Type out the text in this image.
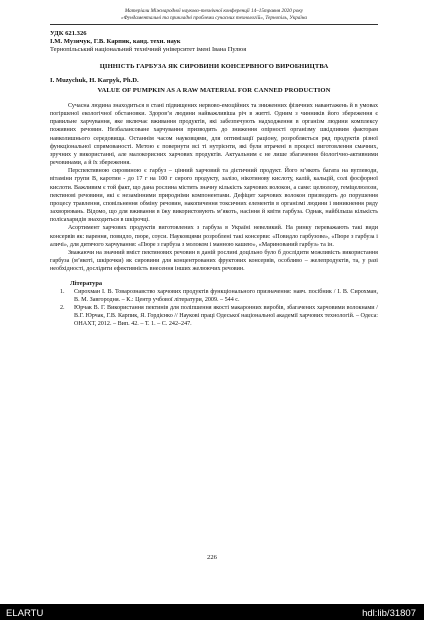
Матеріали Міжнародної науково-технічної конференції 14–15травня 2020 року
«Фундаментальні та прикладні проблеми сучасних технологій», Тернопіль, Україна
УДК 621.326
І.М. Музичук, Г.В. Карпик, канд. техн. наук
Тернопільський національний технічний університет імені Івана Пулюя
ЦІННІСТЬ ГАРБУЗА ЯК СИРОВИНИ КОНСЕРВНОГО ВИРОБНИЦТВА
I. Muzychuk, H. Karpyk, Ph.D.
VALUE OF PUMPKIN AS A RAW MATERIAL FOR CANNED PRODUCTION

Сучасна людина знаходиться в стані підвищених нервово-емоційних та зниженних фізичних навантажень й в умовах погіршеної екологічної обстановки. Здоров’я людини найважливіша річ в житті. Одним з чинників його збереження є правильне харчування, яке включає вживання продуктів, які забезпечують надходження в організм людини комплексу поживних речовин. Незбалансоване харчування призводить до зниження опірності організму шкідливим факторам навколишнього середовища. Останнім часом науковцями, для оптимізації раціону, розробляється ряд продуктів різної функціональної спрямованості. Метою є повернути всі ті нутрієнти, які були втрачені в процесі виготовлення смачних, зручних у використанні, але малокорисних харчових продуктів. Актуальним є не лише збагачення біологічно-активними речовинами, а й їх збереження.

Перспективною сировиною є гарбуз – цінний харчовий та дієтичний продукт. Його м’якоть багата на вуглеводи, вітаміни групи В, каротин - до 17 г на 100 г сирого продукту, залізо, нікотинову кислоту, калій, кальцій, солі фосфорної кислоти. Важливим є той факт, що дана рослина містить значну кількість харчових волокон, а саме: целюлозу, геміцелюлози, пектинові речовини, які є незамінними природніми компонентами. Дефіцит харчових волокон призводить до порушення процесу травлення, сповільнення обміну речовин, накопичення токсичних елементів в організмі людини і виникнення ряду захворювань. Відомо, що для вживання в їжу використовують м’якоть, насіння й квіти гарбуза. Однак, найбільша кількість полісахаридів знаходиться в шкірочці.

Асортимент харчових продуктів виготовлених з гарбуза в Україні невеликий. На ринку переважають такі види консервів як: варення, повидло, пюре, соуси. Науковцями розроблені такі консерви: «Повидло гарбузове», «Пюре з гарбуза і аличі», для дитячого харчування: «Пюре з гарбуза з молоком і манною кашею», «Маринований гарбуз» та ін.

Зважаючи на значний вміст пектинових речовин в даній рослині доцільно було б дослідити можливість використання гарбуза (м’якоті, шкірочки) як сировини для концентрованих фруктових консервів, особливо – желепродуктів, та, у разі необхідності, дослідити ефективність внесення інших желюючих речовин.

Література
1.	Сирохман І. В. Товарознавство харчових продуктів функціонального призначення: навч. посібник / І. В. Сирохман, В. М. Завгородня. – К.: Центр учбової літератури, 2009. – 544 с.
2.	Юрчак В. Г. Використання пектинів для поліпшення якості макаронних виробів, збагачених харчовими волокнами / В.Г. Юрчак, Г.В. Карпик, Я. Гордієнко // Наукові праці Одеської національної академії харчових технологій. – Одеса: ОНАХТ, 2012. – Вип. 42. – Т. 1. – С. 242–247.
226
ELARTU	hdl:lib/31807
